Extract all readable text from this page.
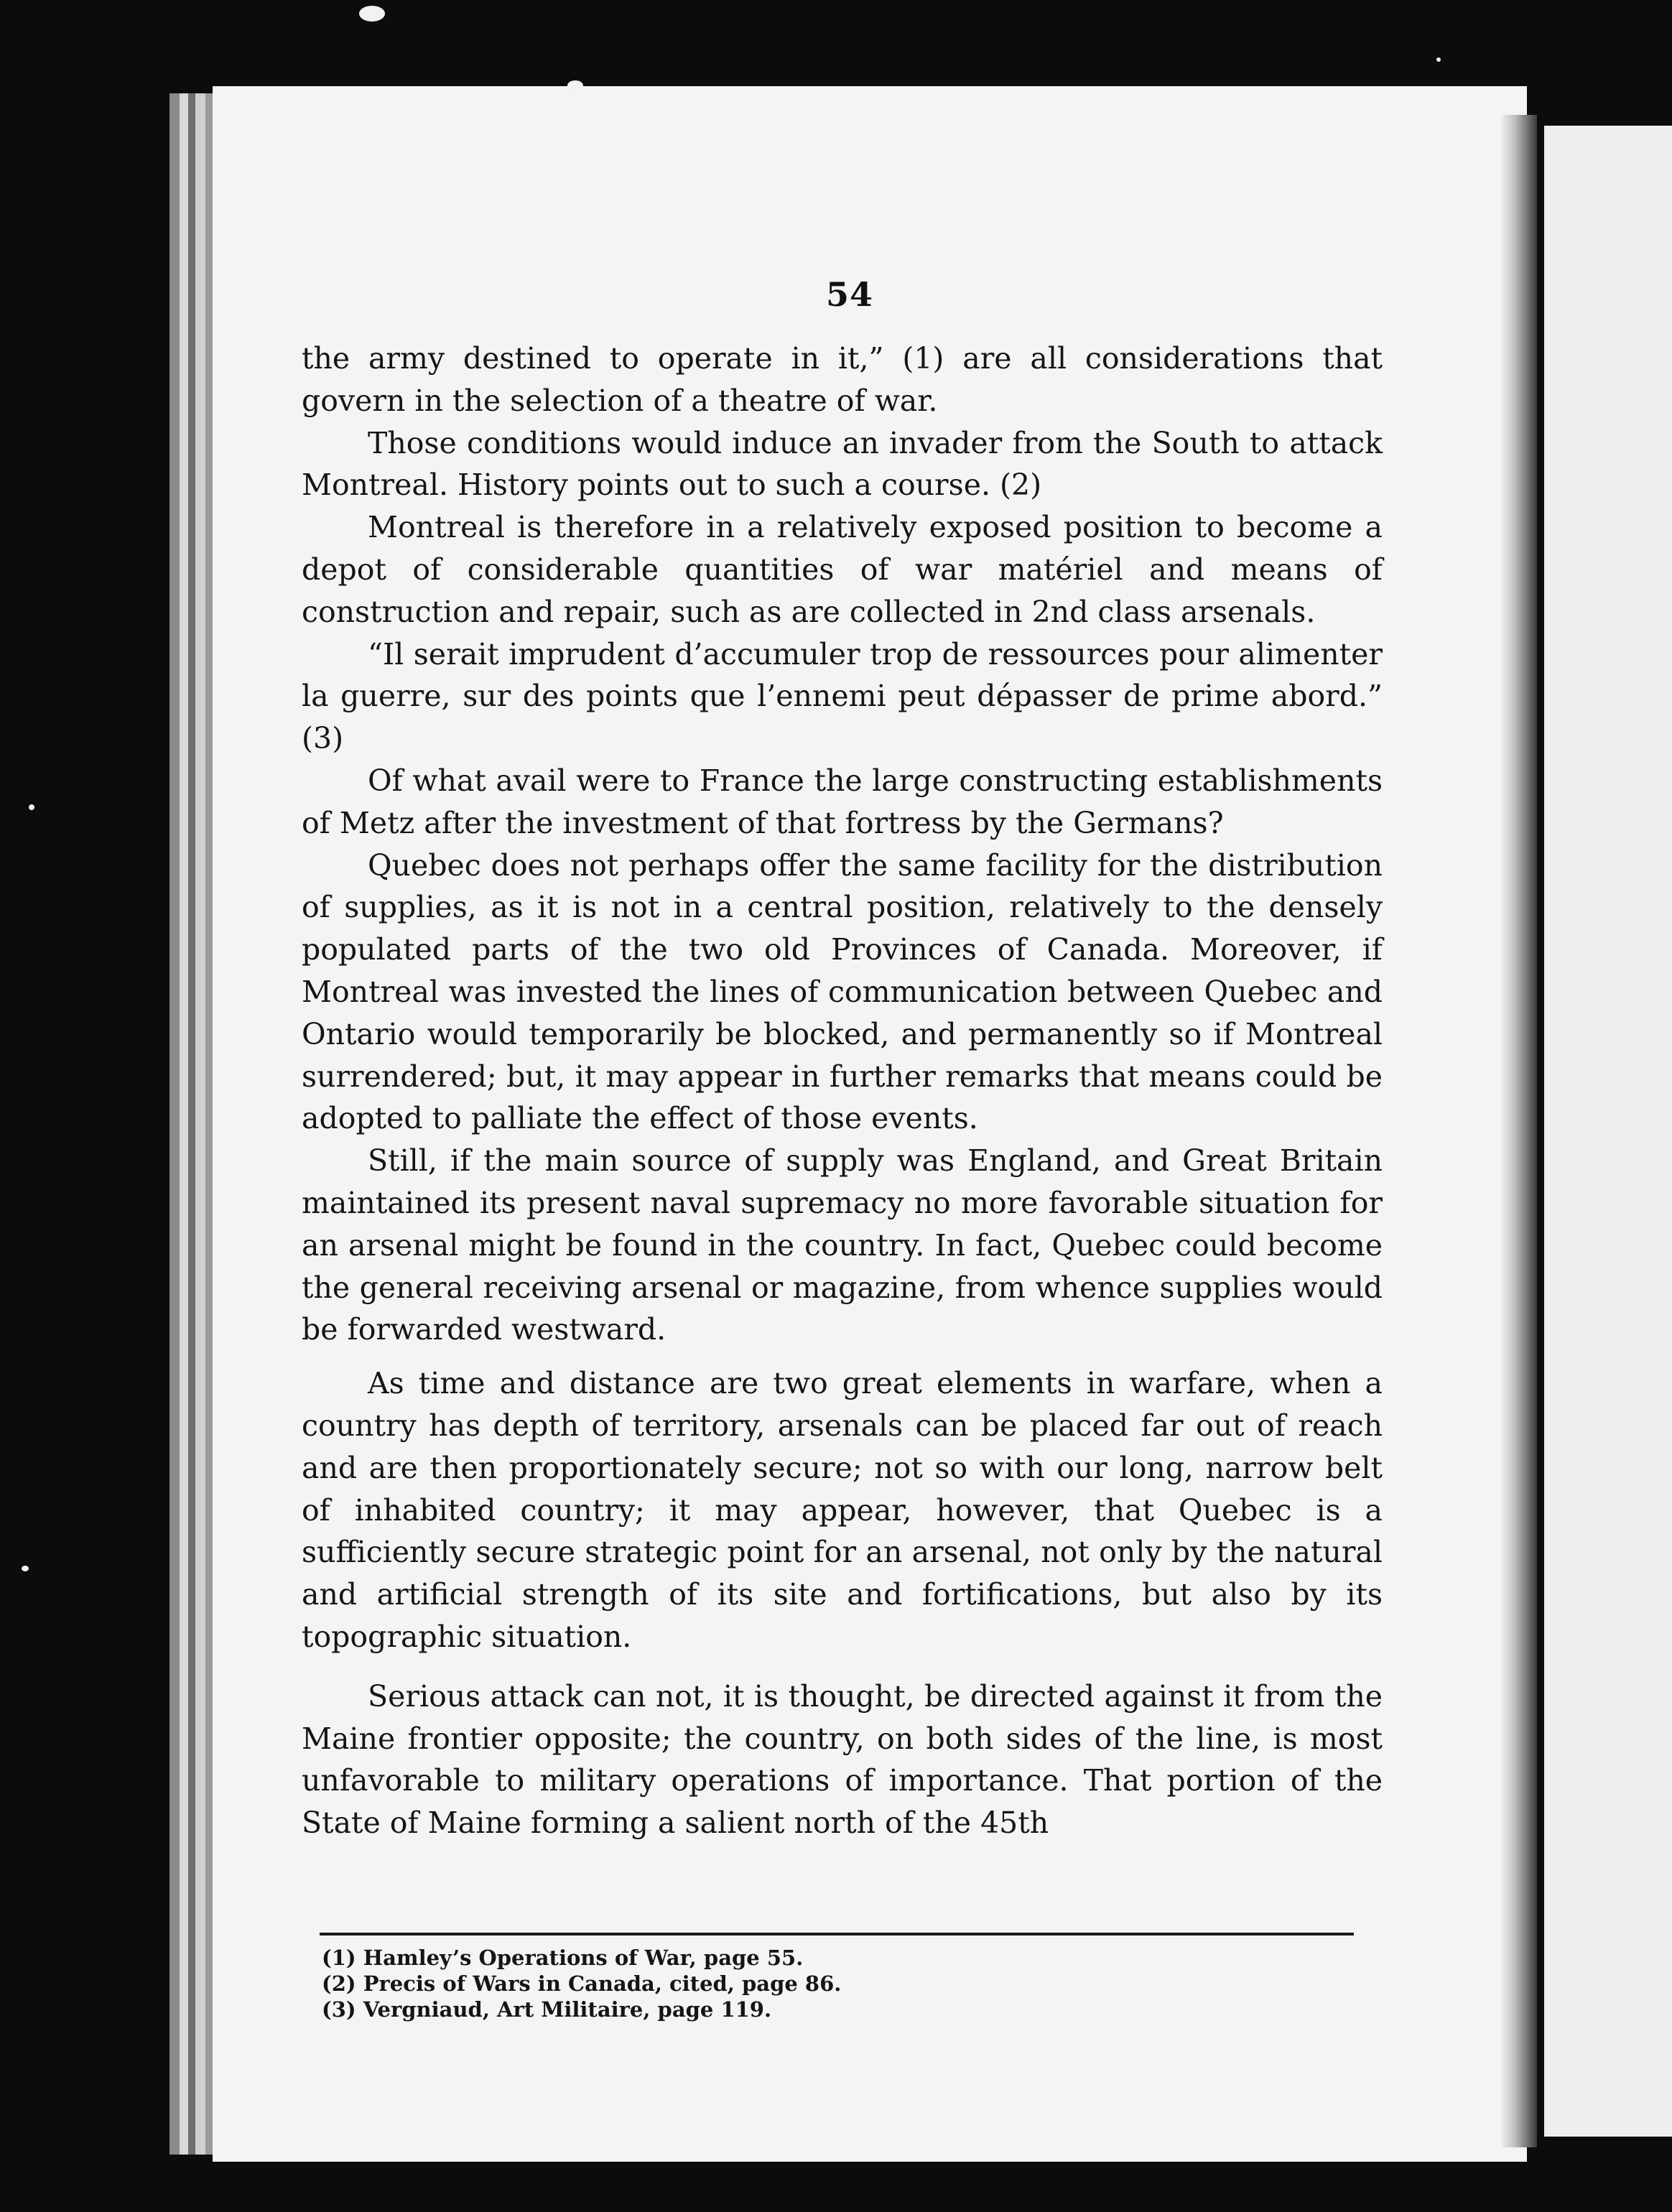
54

the army destined to operate in it,” (1) are all considerations that govern in the selection of a theatre of war.

Those conditions would induce an invader from the South to attack Montreal. History points out to such a course. (2)

Montreal is therefore in a relatively exposed position to become a depot of considerable quantities of war matériel and means of construction and repair, such as are collected in 2nd class arsenals.

“Il serait imprudent d’accumuler trop de ressources pour alimenter la guerre, sur des points que l’ennemi peut dépasser de prime abord.” (3)

Of what avail were to France the large constructing establishments of Metz after the investment of that fortress by the Germans?

Quebec does not perhaps offer the same facility for the distribution of supplies, as it is not in a central position, relatively to the densely populated parts of the two old Provinces of Canada. Moreover, if Montreal was invested the lines of communication between Quebec and Ontario would temporarily be blocked, and permanently so if Montreal surrendered; but, it may appear in further remarks that means could be adopted to palliate the effect of those events.

Still, if the main source of supply was England, and Great Britain maintained its present naval supremacy no more favorable situation for an arsenal might be found in the country. In fact, Quebec could become the general receiving arsenal or magazine, from whence supplies would be forwarded westward.

As time and distance are two great elements in warfare, when a country has depth of territory, arsenals can be placed far out of reach and are then proportionately secure; not so with our long, narrow belt of inhabited country; it may appear, however, that Quebec is a sufficiently secure strategic point for an arsenal, not only by the natural and artificial strength of its site and fortifications, but also by its topographic situation.

Serious attack can not, it is thought, be directed against it from the Maine frontier opposite; the country, on both sides of the line, is most unfavorable to military operations of importance. That portion of the State of Maine forming a salient north of the 45th

(1) Hamley’s Operations of War, page 55.

(2) Precis of Wars in Canada, cited, page 86.

(3) Vergniaud, Art Militaire, page 119.
